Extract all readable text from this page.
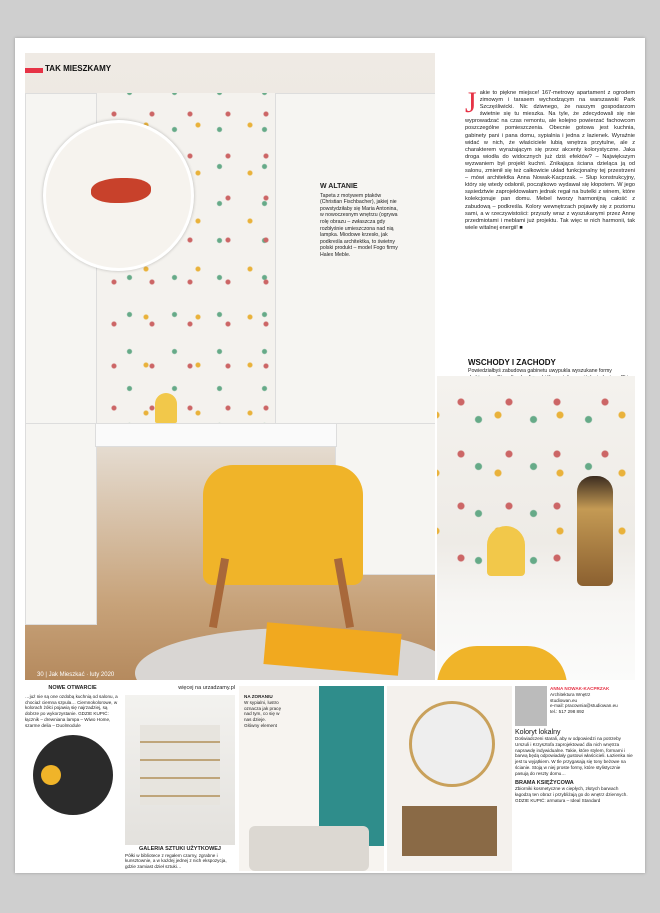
30 | Jak Mieszkać · luty 2020
TAK MIESZKAMY
W ALTANIE
Tapeta z motywem ptaków (Christian Fischbacher), jakiej nie powstydziłaby się Maria Antonina, w nowoczesnym wnętrzu (ogrywa rolę obrazu – zwłaszcza gdy rozbłyśnie umieszczona nad nią lampka. Miodowe krzesło, jak podkreśla architektka, to świetny polski produkt – model Fogo firmy Halex Meble.
J akie to piękne miejsce! 167-metrowy apartament z ogrodem zimowym i tarasem wychodzącym na warszawski Park Szczęśliwicki. Nic dziwnego, że naszym gospodarzom świetnie się tu mieszka. Na tyle, że zdecydowali się nie wyprowadzać na czas remontu, ale kolejno powierzać fachowcom poszczególne pomieszczenia. Obecnie gotowa jest kuchnia, gabinety pani i pana domu, sypialnia i jedna z łazienek. Wyraźnie widać w nich, że właściciele lubią wnętrza przytulne, ale z charakterem wyrażającym się przez akcenty kolorystyczne. Jaka droga wiodła do widocznych już dziś efektów? – Największym wyzwaniem był projekt kuchni. Znikająca ściana dzieląca ją od salonu, zmienił się też całkowicie układ funkcjonalny tej przestrzeni – mówi architektka Anna Nowak-Kacprzak. – Słup konstrukcyjny, który się wtedy odsłonił, początkowo wydawał się kłopotem. W jego sąsiedztwie zaprojektowałam jednak regał na butelki z winem, które kolekcjonuje pan domu. Mebel tworzy harmonijną całość z zabudową – podkreśla. Kolory wewnętrzach pojawiły się z poziomu sami, a w rzeczywistości: przyszły wraz z wyszukanymi przez Annę przedmiotami i meblami już projektu. Tak więc w nich harmonii, tak wiele witalnej energii! ■
WSCHODY I ZACHODY
Powiedziałbyś zabudowa gabinetu uwypukla wyszukane formy
NOWE OTWARCIE
…już nie są one ozdobą kuchnią od salonu, a chociaż ciemna szpula… Ciemnokolorowe, w kolorach żółci pojawią się najrzadziej, są dobrze po wykorzystanie. GDZIE KUPIĆ: łącznik – drewniana lampa – Wiwo Home, szarme delia – Duolmodule
więcej na urzadzamy.pl
GALERIA SZTUKI UŻYTKOWEJ
Półki w bibliotece z regałem czarny, zgrabne i kunsztownie, a w każdej jednej z nich ekspozycja, gdzie zamiast dzieł sztuki…
NA ZORANIU
W sypialni, lustro oznacza jak pracę nad tym, co się w nas dzieje. Główny element
ANNA NOWAK-KACPRZAK
Architektura Wnętrz
studiowan.eu
e-mail: pracownia@studiowan.eu
tel.: 517 298 892
Koloryt lokalny
Doświadczeni starali, aby w odpowiedzi na potrzeby Urszuli i Krzysztofa zaprojektować dla nich wnętrza naprawdę indywidualne. Takie, które stylem, formami i barwą będą odpowiadały gustowi właścicieli. Łazienka nie jest tu wyjątkiem. W tle przygasają się tony beżowe na ścianie. Stoją w niej proste formy, które stylistycznie pasują do reszty domu…
BRAMA KSIĘŻYCOWA
Zbiorniki kosmetyczne w ciepłych, złotych barwach łagodzą ten obraz i przybliżają go do wnętrz dziennych. GDZIE KUPIĆ: armatura – Ideal Standard
